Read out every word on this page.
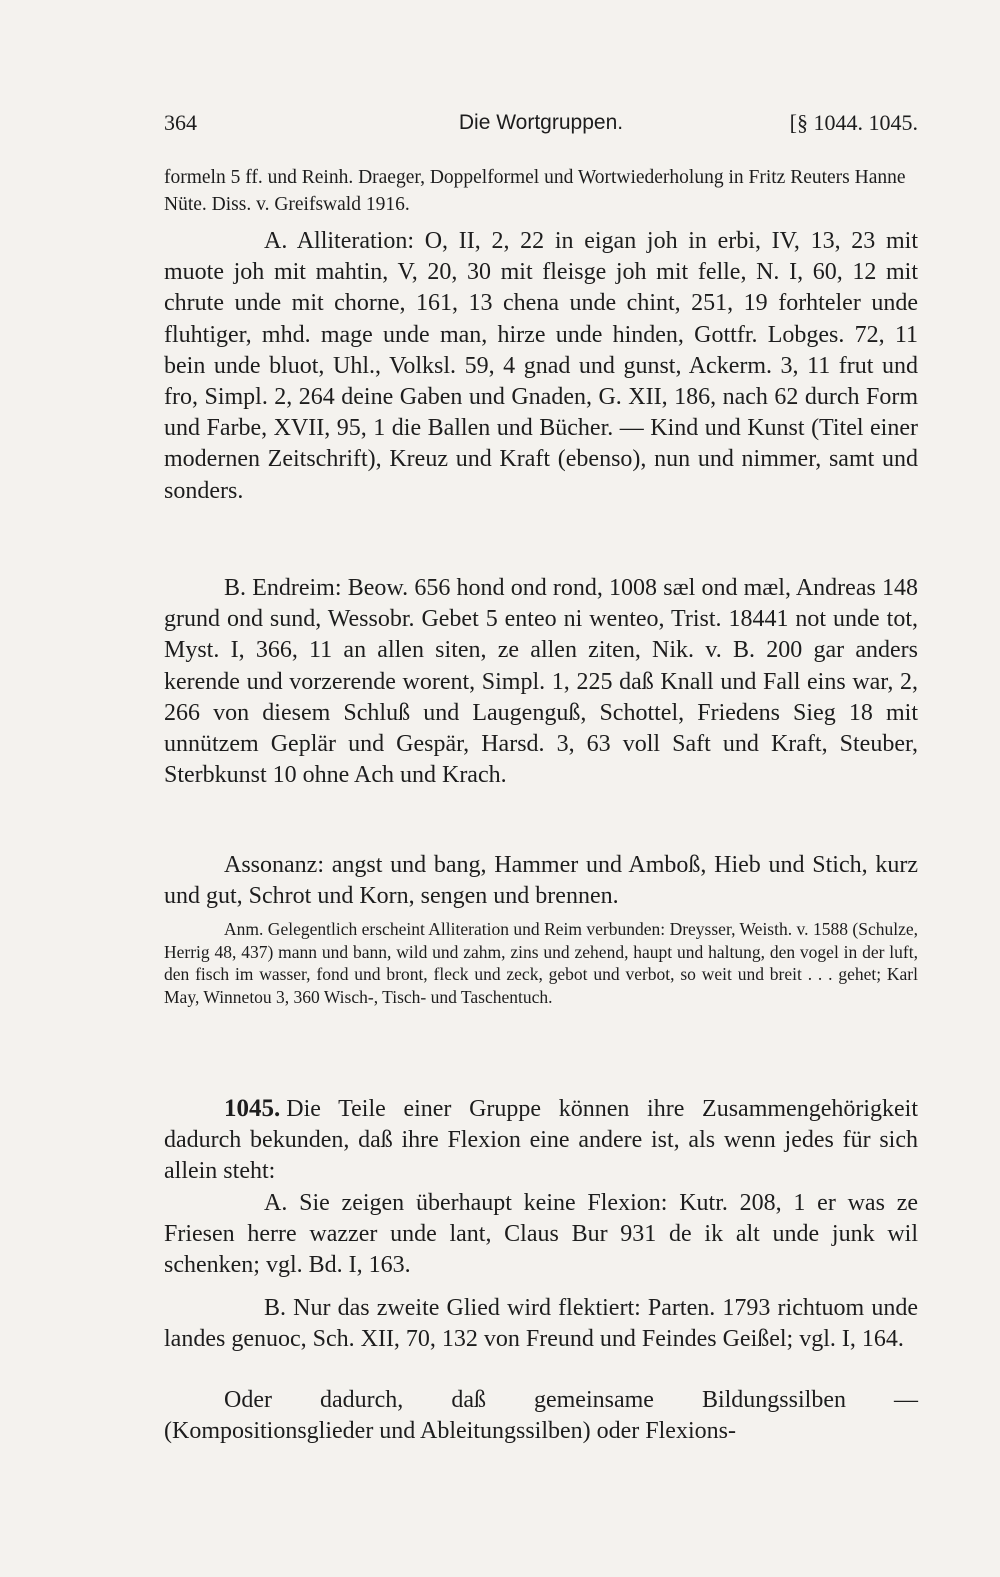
364	Die Wortgruppen.	[§ 1044. 1045.

formeln 5 ff. und Reinh. Draeger, Doppelformel und Wortwiederholung in Fritz Reuters Hanne Nüte. Diss. v. Greifswald 1916.

A. Alliteration: O, II, 2, 22 in eigan joh in erbi, IV, 13, 23 mit muote joh mit mahtin, V, 20, 30 mit fleisge joh mit felle, N. I, 60, 12 mit chrute unde mit chorne, 161, 13 chena unde chint, 251, 19 forhteler unde fluhtiger, mhd. mage unde man, hirze unde hinden, Gottfr. Lobges. 72, 11 bein unde bluot, Uhl., Volksl. 59, 4 gnad und gunst, Ackerm. 3, 11 frut und fro, Simpl. 2, 264 deine Gaben und Gnaden, G. XII, 186, nach 62 durch Form und Farbe, XVII, 95, 1 die Ballen und Bücher. — Kind und Kunst (Titel einer modernen Zeitschrift), Kreuz und Kraft (ebenso), nun und nimmer, samt und sonders.

B. Endreim: Beow. 656 hond ond rond, 1008 sæl ond mæl, Andreas 148 grund ond sund, Wessobr. Gebet 5 enteo ni wenteo, Trist. 18441 not unde tot, Myst. I, 366, 11 an allen siten, ze allen ziten, Nik. v. B. 200 gar anders kerende und vorzerende worent, Simpl. 1, 225 daß Knall und Fall eins war, 2, 266 von diesem Schluß und Laugenguß, Schottel, Friedens Sieg 18 mit unnützem Geplär und Gespär, Harsd. 3, 63 voll Saft und Kraft, Steuber, Sterbkunst 10 ohne Ach und Krach.

Assonanz: angst und bang, Hammer und Amboß, Hieb und Stich, kurz und gut, Schrot und Korn, sengen und brennen.

Anm. Gelegentlich erscheint Alliteration und Reim verbunden: Dreysser, Weisth. v. 1588 (Schulze, Herrig 48, 437) mann und bann, wild und zahm, zins und zehend, haupt und haltung, den vogel in der luft, den fisch im wasser, fond und bront, fleck und zeck, gebot und verbot, so weit und breit . . . gehet; Karl May, Winnetou 3, 360 Wisch-, Tisch- und Taschentuch.

1045. Die Teile einer Gruppe können ihre Zusammengehörigkeit dadurch bekunden, daß ihre Flexion eine andere ist, als wenn jedes für sich allein steht:

A. Sie zeigen überhaupt keine Flexion: Kutr. 208, 1 er was ze Friesen herre wazzer unde lant, Claus Bur 931 de ik alt unde junk wil schenken; vgl. Bd. I, 163.

B. Nur das zweite Glied wird flektiert: Parten. 1793 richtuom unde landes genuoc, Sch. XII, 70, 132 von Freund und Feindes Geißel; vgl. I, 164.

Oder dadurch, daß gemeinsame Bildungssilben — (Kompositionsglieder und Ableitungssilben) oder Flexions-
